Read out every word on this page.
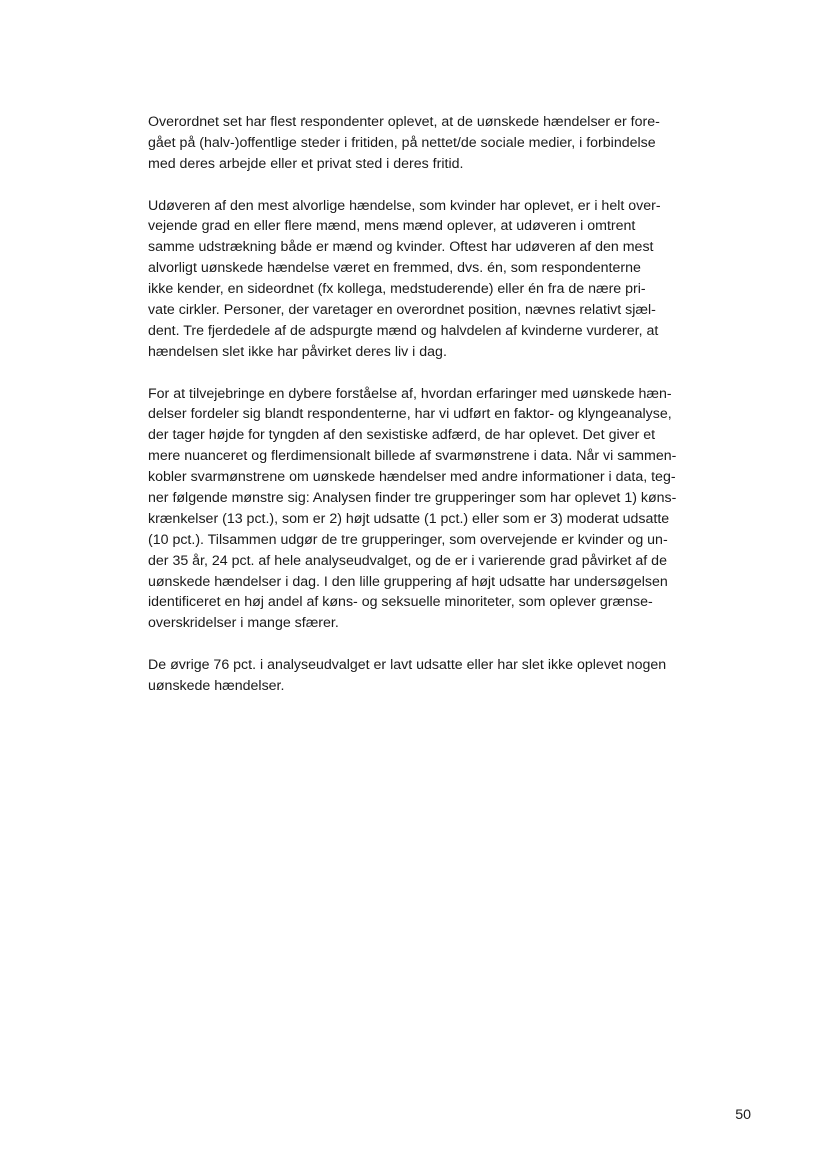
Overordnet set har flest respondenter oplevet, at de uønskede hændelser er fore-
gået på (halv-)offentlige steder i fritiden, på nettet/de sociale medier, i forbindelse
med deres arbejde eller et privat sted i deres fritid.
Udøveren af den mest alvorlige hændelse, som kvinder har oplevet, er i helt over-
vejende grad en eller flere mænd, mens mænd oplever, at udøveren i omtrent
samme udstrækning både er mænd og kvinder. Oftest har udøveren af den mest
alvorligt uønskede hændelse været en fremmed, dvs. én, som respondenterne
ikke kender, en sideordnet (fx kollega, medstuderende) eller én fra de nære pri-
vate cirkler. Personer, der varetager en overordnet position, nævnes relativt sjæl-
dent. Tre fjerdedele af de adspurgte mænd og halvdelen af kvinderne vurderer, at
hændelsen slet ikke har påvirket deres liv i dag.
For at tilvejebringe en dybere forståelse af, hvordan erfaringer med uønskede hæn-
delser fordeler sig blandt respondenterne, har vi udført en faktor- og klyngeanalyse,
der tager højde for tyngden af den sexistiske adfærd, de har oplevet. Det giver et
mere nuanceret og flerdimensionalt billede af svarmønstrene i data. Når vi sammen-
kobler svarmønstrene om uønskede hændelser med andre informationer i data, teg-
ner følgende mønstre sig: Analysen finder tre grupperinger som har oplevet 1) køns-
krænkelser (13 pct.), som er 2) højt udsatte (1 pct.) eller som er 3) moderat udsatte
(10 pct.). Tilsammen udgør de tre grupperinger, som overvejende er kvinder og un-
der 35 år, 24 pct. af hele analyseudvalget, og de er i varierende grad påvirket af de
uønskede hændelser i dag. I den lille gruppering af højt udsatte har undersøgelsen
identificeret en høj andel af køns- og seksuelle minoriteter, som oplever grænse-
overskridelser i mange sfærer.
De øvrige 76 pct. i analyseudvalget er lavt udsatte eller har slet ikke oplevet nogen
uønskede hændelser.
50
